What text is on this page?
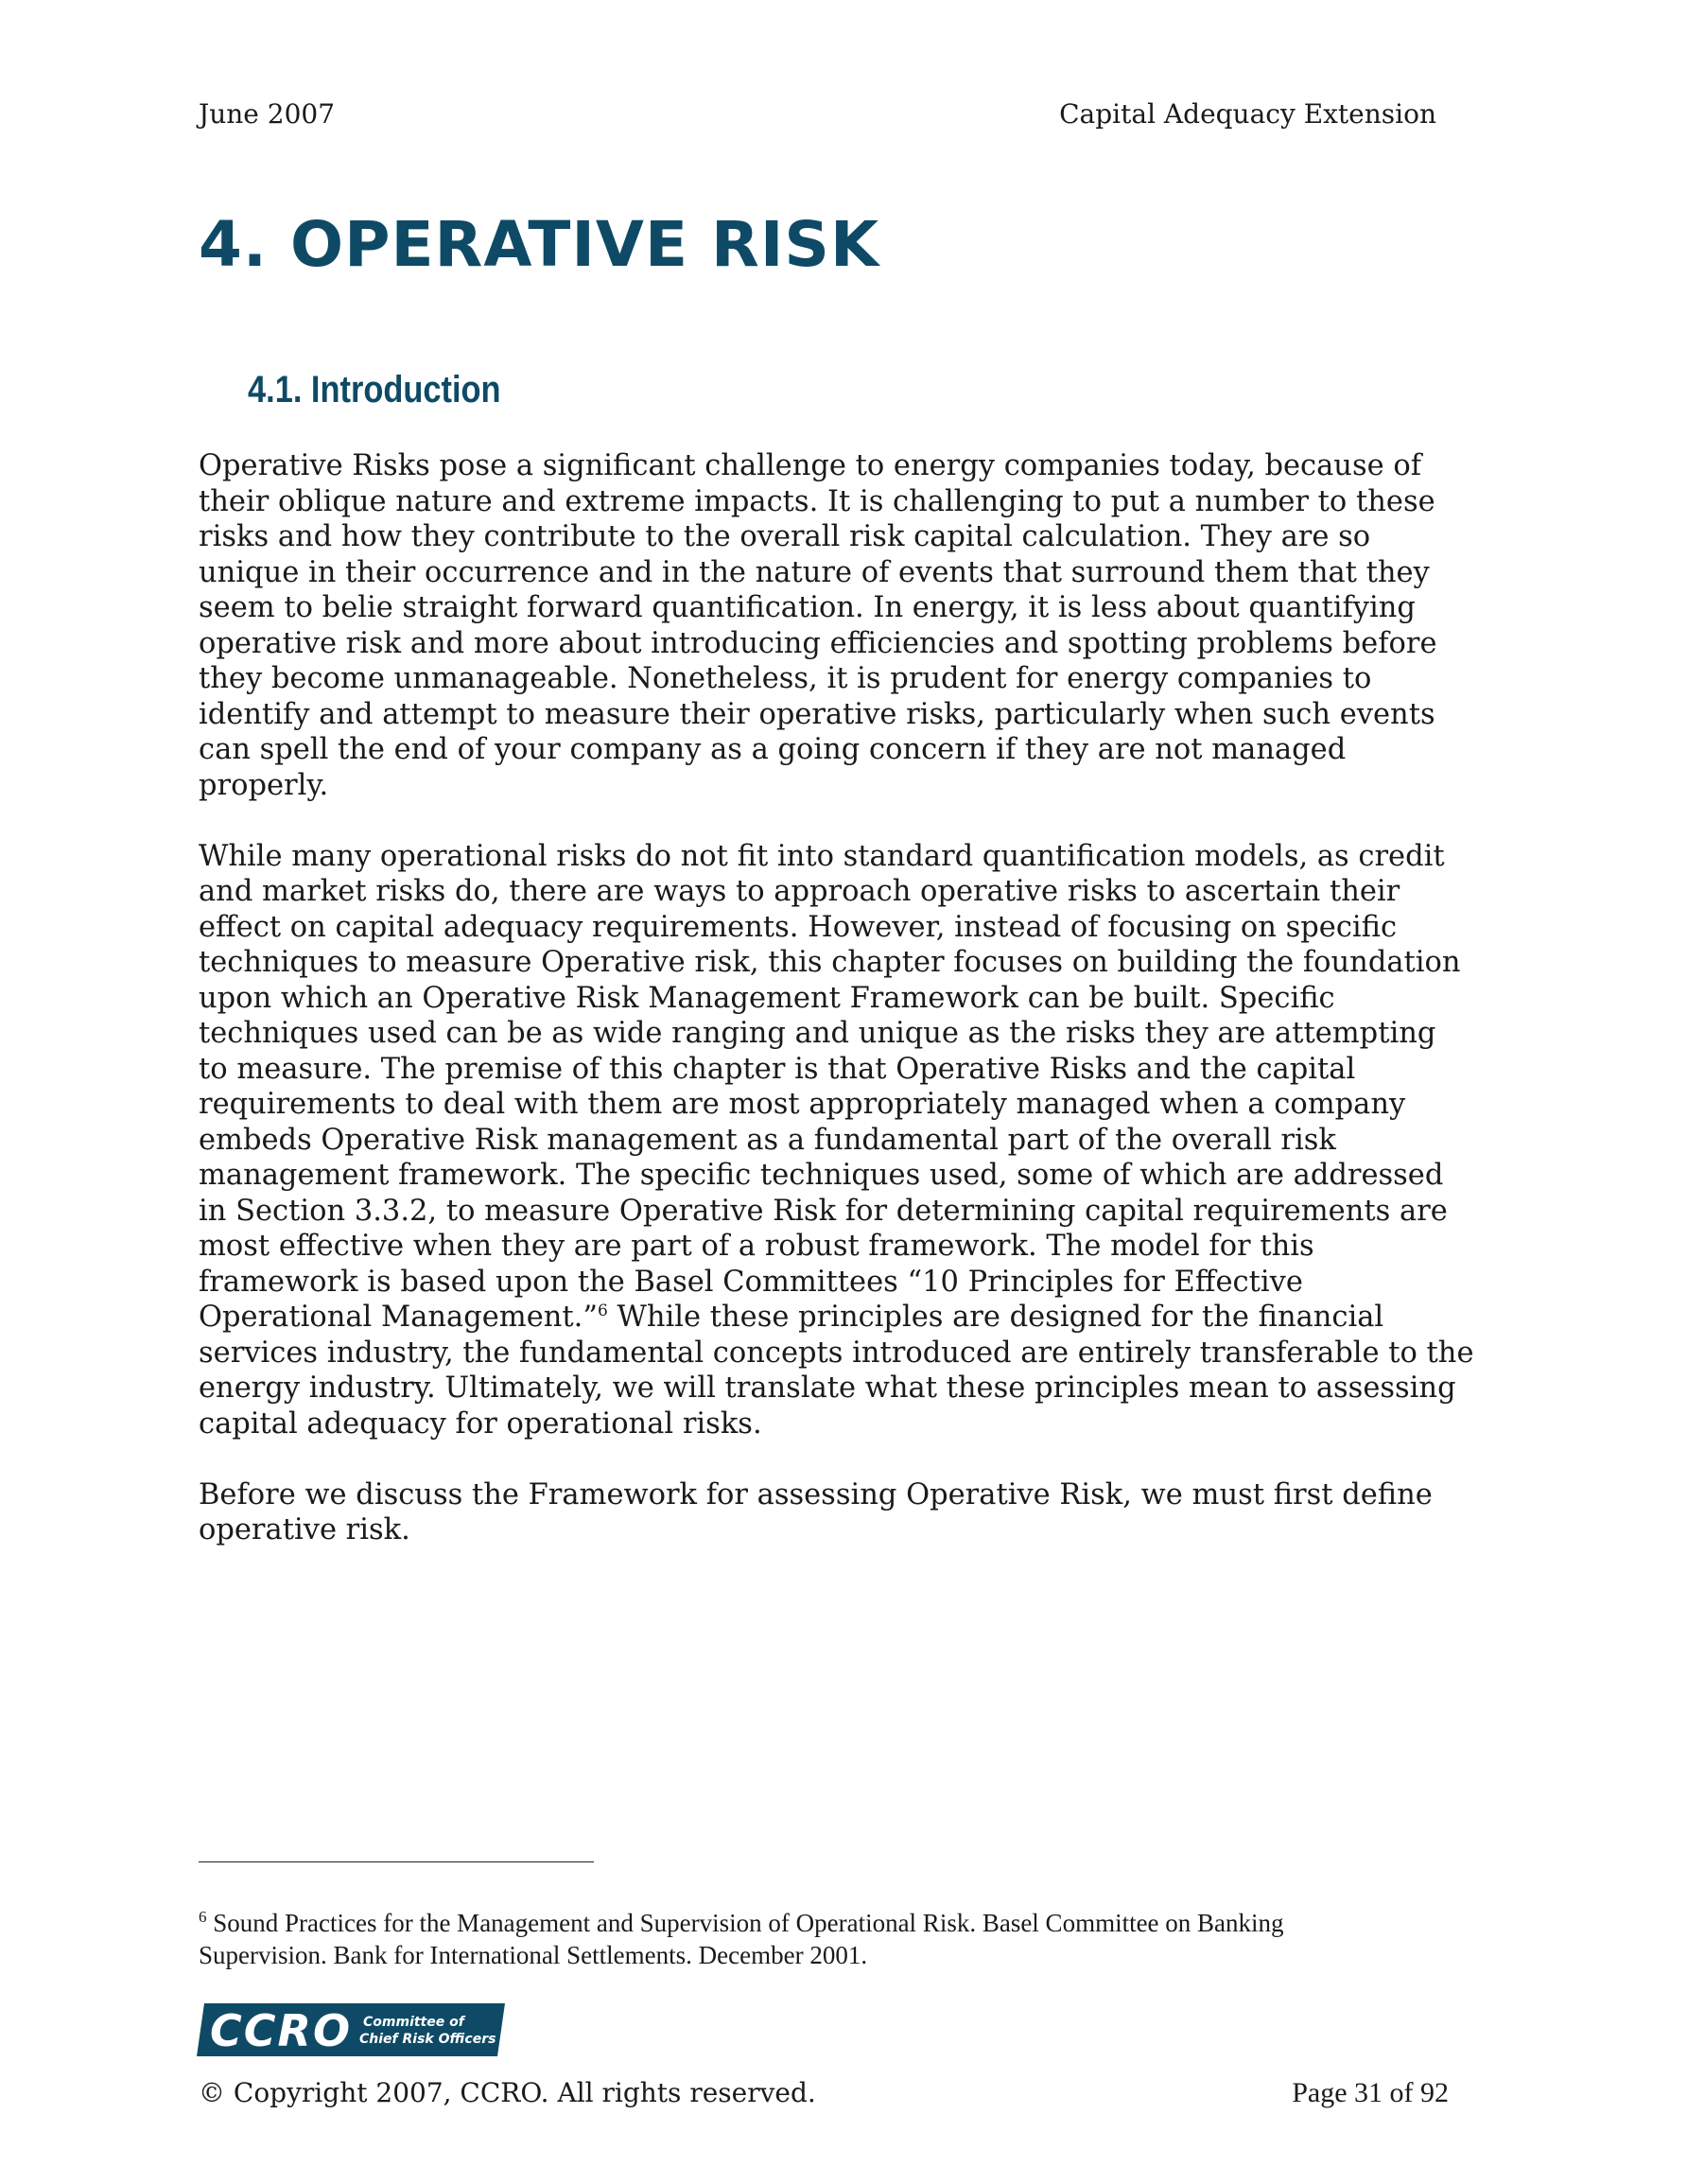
June 2007	Capital Adequacy Extension
4. OPERATIVE RISK
4.1. Introduction

Operative Risks pose a significant challenge to energy companies today, because of
their oblique nature and extreme impacts. It is challenging to put a number to these
risks and how they contribute to the overall risk capital calculation. They are so
unique in their occurrence and in the nature of events that surround them that they
seem to belie straight forward quantification. In energy, it is less about quantifying
operative risk and more about introducing efficiencies and spotting problems before
they become unmanageable. Nonetheless, it is prudent for energy companies to
identify and attempt to measure their operative risks, particularly when such events
can spell the end of your company as a going concern if they are not managed
properly.

While many operational risks do not fit into standard quantification models, as credit
and market risks do, there are ways to approach operative risks to ascertain their
effect on capital adequacy requirements. However, instead of focusing on specific
techniques to measure Operative risk, this chapter focuses on building the foundation
upon which an Operative Risk Management Framework can be built. Specific
techniques used can be as wide ranging and unique as the risks they are attempting
to measure. The premise of this chapter is that Operative Risks and the capital
requirements to deal with them are most appropriately managed when a company
embeds Operative Risk management as a fundamental part of the overall risk
management framework. The specific techniques used, some of which are addressed
in Section 3.3.2, to measure Operative Risk for determining capital requirements are
most effective when they are part of a robust framework. The model for this
framework is based upon the Basel Committees “10 Principles for Effective
Operational Management.”$^6$ While these principles are designed for the financial
services industry, the fundamental concepts introduced are entirely transferable to the
energy industry. Ultimately, we will translate what these principles mean to assessing
capital adequacy for operational risks.

Before we discuss the Framework for assessing Operative Risk, we must first define
operative risk.

$^6$ Sound Practices for the Management and Supervision of Operational Risk. Basel Committee on Banking
Supervision. Bank for International Settlements. December 2001.
CCRO Committee of
Chief Risk Officers
© Copyright 2007, CCRO. All rights reserved.	Page 31 of 92
